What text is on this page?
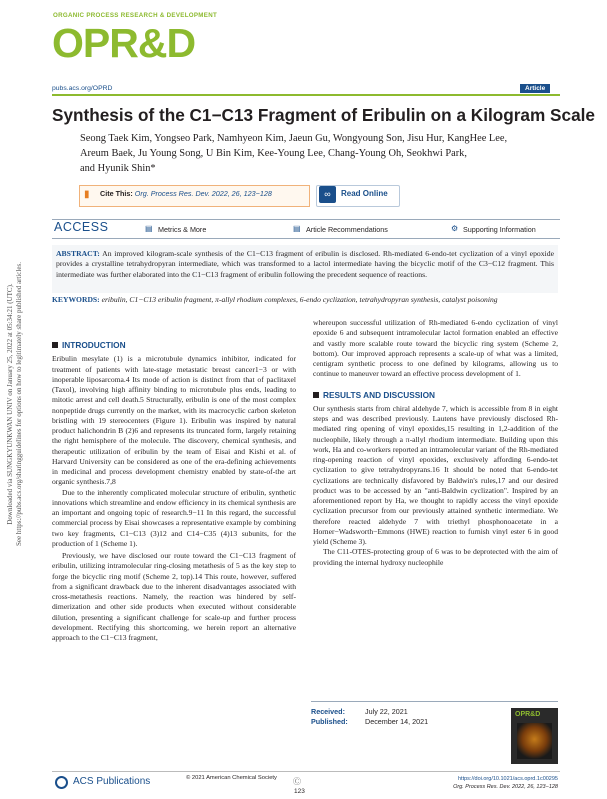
Downloaded via SUNGKYUNKWAN UNIV on January 25, 2022 at 05:34:21 (UTC). See https://pubs.acs.org/sharingguidelines for options on how to legitimately share published articles.
ORGANIC PROCESS RESEARCH & DEVELOPMENT
OPR&D
pubs.acs.org/OPRD	Article
Synthesis of the C1−C13 Fragment of Eribulin on a Kilogram Scale
Seong Taek Kim, Yongseo Park, Namhyeon Kim, Jaeun Gu, Wongyoung Son, Jisu Hur, KangHee Lee,
Areum Baek, Ju Young Song, U Bin Kim, Kee-Young Lee, Chang-Young Oh, Seokhwi Park,
and Hyunik Shin*
▮ Cite This: Org. Process Res. Dev. 2022, 26, 123−128	∞	Read Online
ACCESS	▤ Metrics & More	▤ Article Recommendations	⚙ Supporting Information
ABSTRACT: An improved kilogram-scale synthesis of the C1−C13 fragment of eribulin is disclosed. Rh-mediated 6-endo-tet cyclization of a vinyl epoxide provides a crystalline tetrahydropyran intermediate, which was transformed to a lactol intermediate having the bicyclic motif of the C3−C12 fragment. This intermediate was further elaborated into the C1−C13 fragment of eribulin following the precedent sequence of reactions.
KEYWORDS: eribulin, C1−C13 eribulin fragment, π-allyl rhodium complexes, 6-endo cyclization, tetrahydropyran synthesis, catalyst poisoning
INTRODUCTION

Eribulin mesylate (1) is a microtubule dynamics inhibitor, indicated for treatment of patients with late-stage metastatic breast cancer1−3 or with inoperable liposarcoma.4 Its mode of action is distinct from that of paclitaxel (Taxol), involving high affinity binding to microtubule plus ends, leading to mitotic arrest and cell death.5 Structurally, eribulin is one of the most complex nonpeptide drugs currently on the market, with its macrocyclic carbon skeleton bristling with 19 stereocenters (Figure 1). Eribulin was inspired by natural product halichondrin B (2)6 and represents its truncated form, largely retaining the right hemisphere of the molecule. The discovery, chemical synthesis, and therapeutic utilization of eribulin by the team of Eisai and Kishi et al. of Harvard University can be considered as one of the era-defining achievements in medicinal and process development chemistry enabled by state-of-the art organic synthesis.7,8

Due to the inherently complicated molecular structure of eribulin, synthetic innovations which streamline and endow efficiency in its chemical synthesis are an important and ongoing topic of research.9−11 In this regard, the successful commercial process by Eisai showcases a representative example by combining two key fragments, C1−C13 (3)12 and C14−C35 (4)13 subunits, for the production of 1 (Scheme 1).

Previously, we have disclosed our route toward the C1−C13 fragment of eribulin, utilizing intramolecular ring-closing metathesis of 5 as the key step to forge the bicyclic ring motif (Scheme 2, top).14 This route, however, suffered from a significant drawback due to the inherent disadvantages associated with cross-metathesis reactions. Namely, the reaction was hindered by self-dimerization and other side products when executed without considerable dilution, presenting a significant challenge for scale-up and further process development. Rectifying this shortcoming, we herein report an alternative approach to the C1−C13 fragment,

whereupon successful utilization of Rh-mediated 6-endo cyclization of vinyl epoxide 6 and subsequent intramolecular lactol formation enabled an effective and vastly more scalable route toward the bicyclic ring system (Scheme 2, bottom). Our improved approach represents a scale-up of what was a limited, centigram synthetic process to one defined by kilograms, allowing us to continue to maneuver toward an effective process development of 1.

RESULTS AND DISCUSSION

Our synthesis starts from chiral aldehyde 7, which is accessible from 8 in eight steps and was described previously. Lautens have previously disclosed Rh-mediated ring opening of vinyl epoxides,15 resulting in 1,2-addition of the nucleophile, likely through a π-allyl rhodium intermediate. Building upon this work, Ha and co-workers reported an intramolecular variant of the Rh-mediated ring-opening reaction of vinyl epoxides, exclusively affording 6-endo-tet cyclization to give tetrahydropyrans.16 It should be noted that 6-endo-tet cyclizations are technically disfavored by Baldwin's rules,17 and our desired product was to be accessed by an "anti-Baldwin cyclization". Inspired by an aforementioned report by Ha, we thought to rapidly access the vinyl epoxide cyclization precursor from our previously attained synthetic intermediate. We therefore reacted aldehyde 7 with triethyl phosphonoacetate in a Horner−Wadsworth−Emmons (HWE) reaction to furnish vinyl ester 6 in good yield (Scheme 3).

The C11-OTES-protecting group of 6 was to be deprotected with the aim of providing the internal hydroxy nucleophile

Received:	July 22, 2021
Published: December 14, 2021
OPR&D
ACS Publications	© 2021 American Chemical Society Ⓒ
123
https://doi.org/10.1021/acs.oprd.1c00295
Org. Process Res. Dev. 2022, 26, 123−128
